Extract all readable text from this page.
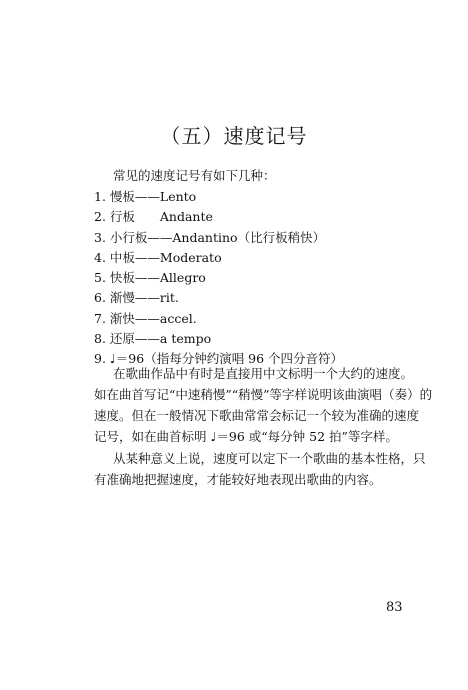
（五）速度记号
常见的速度记号有如下几种：
1. 慢板——Lento
2. 行板　　Andante
3. 小行板——Andantino（比行板稍快）
4. 中板——Moderato
5. 快板——Allegro
6. 渐慢——rit.
7. 渐快——accel.
8. 还原——a tempo
9. ♩＝96（指每分钟约演唱 96 个四分音符）
在歌曲作品中有时是直接用中文标明一个大约的速度。
如在曲首写记“中速稍慢”“稍慢”等字样说明该曲演唱（奏）的
速度。但在一般情况下歌曲常常会标记一个较为准确的速度
记号，如在曲首标明 ♩＝96 或“每分钟 52 拍”等字样。
从某种意义上说，速度可以定下一个歌曲的基本性格，只
有准确地把握速度，才能较好地表现出歌曲的内容。
83
